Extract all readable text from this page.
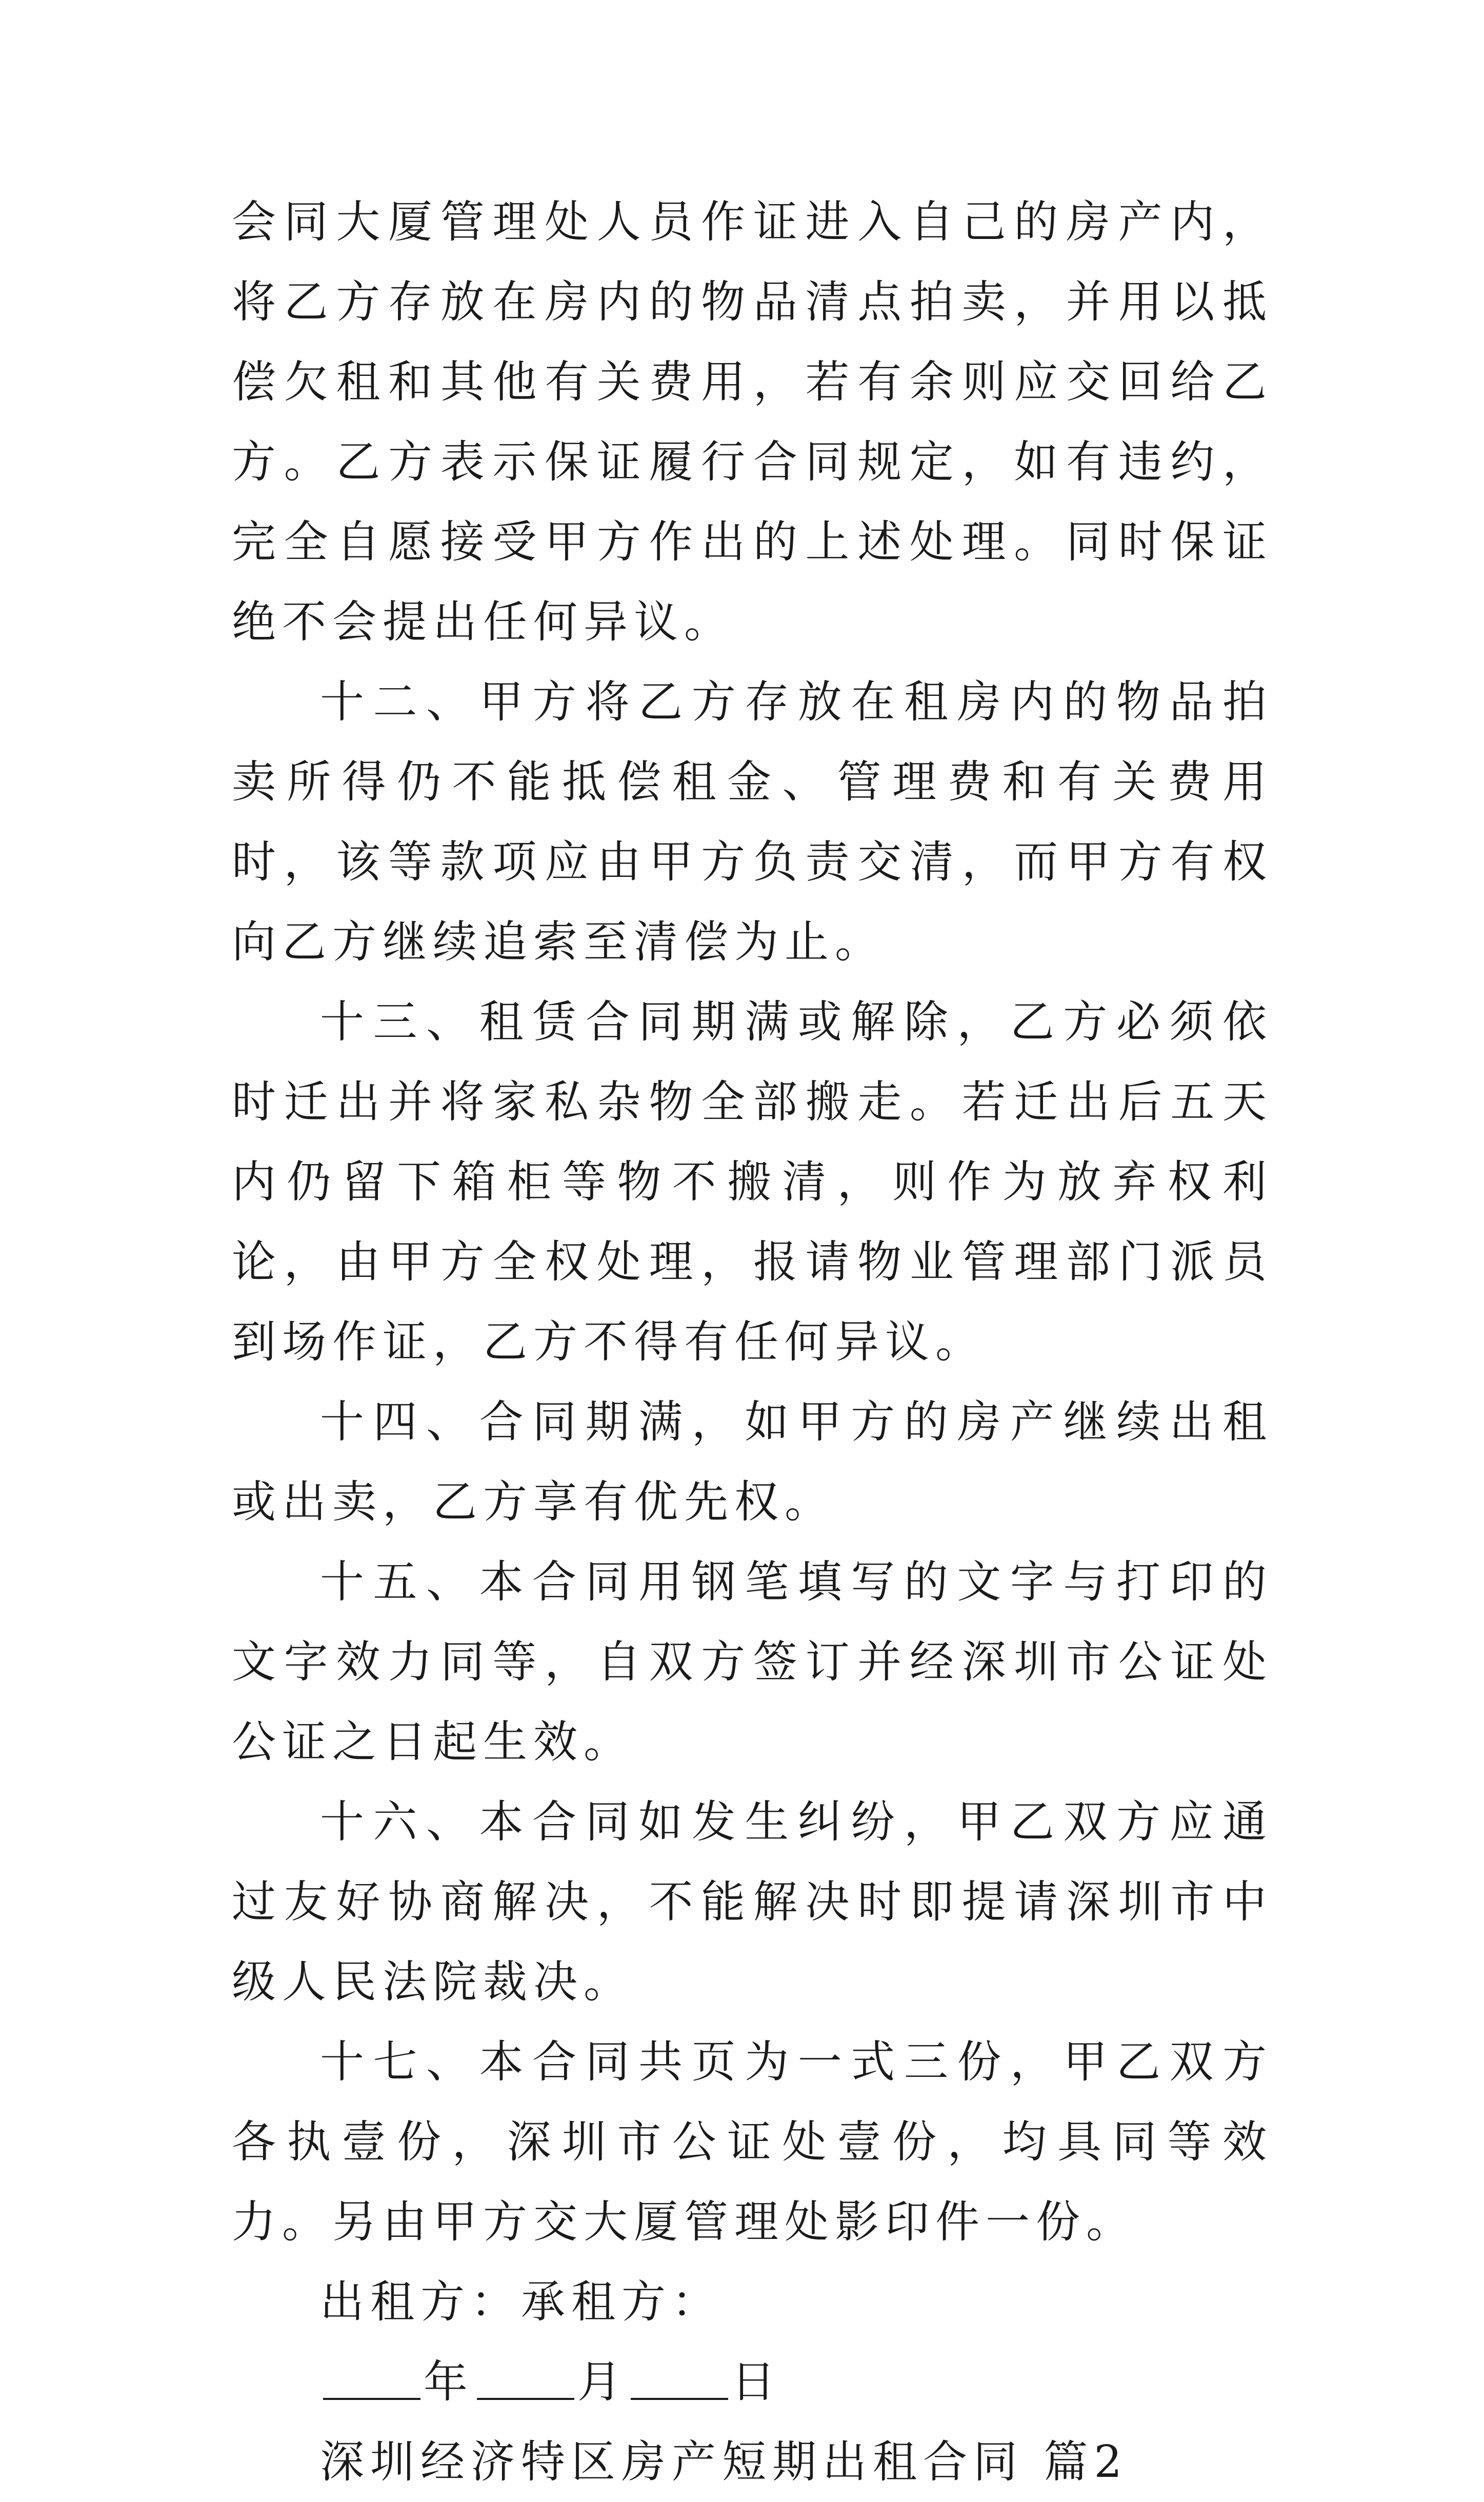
会同大厦管理处人员作证进入自己的房产内，将乙方存放在房内的物品清点拍卖，并用以抵偿欠租和其他有关费用，若有余则应交回给乙方。乙方表示保证履行合同规定，如有违约，完全自愿接受甲方作出的上述处理。同时保证绝不会提出任何异议。

十二、甲方将乙方存放在租房内的物品拍卖所得仍不能抵偿租金、管理费和有关费用时，该等款项应由甲方负责交清，而甲方有权向乙方继续追索至清偿为止。

十三、租赁合同期满或解除，乙方必须依时迁出并将家私杂物全部搬走。若迁出后五天内仍留下箱柜等物不搬清，则作为放弃权利论，由甲方全权处理，报请物业管理部门派员到场作证，乙方不得有任何异议。

十四、合同期满，如甲方的房产继续出租或出卖，乙方享有优先权。

十五、本合同用钢笔填写的文字与打印的文字效力同等，自双方签订并经深圳市公证处公证之日起生效。

十六、本合同如发生纠纷，甲乙双方应通过友好协商解决，不能解决时即提请深圳市中级人民法院裁决。

十七、本合同共页为一式三份，甲乙双方各执壹份，深圳市公证处壹份，均具同等效力。另由甲方交大厦管理处影印件一份。

出租方：承租方：

年 月 日

深圳经济特区房产短期出租合同 篇2
